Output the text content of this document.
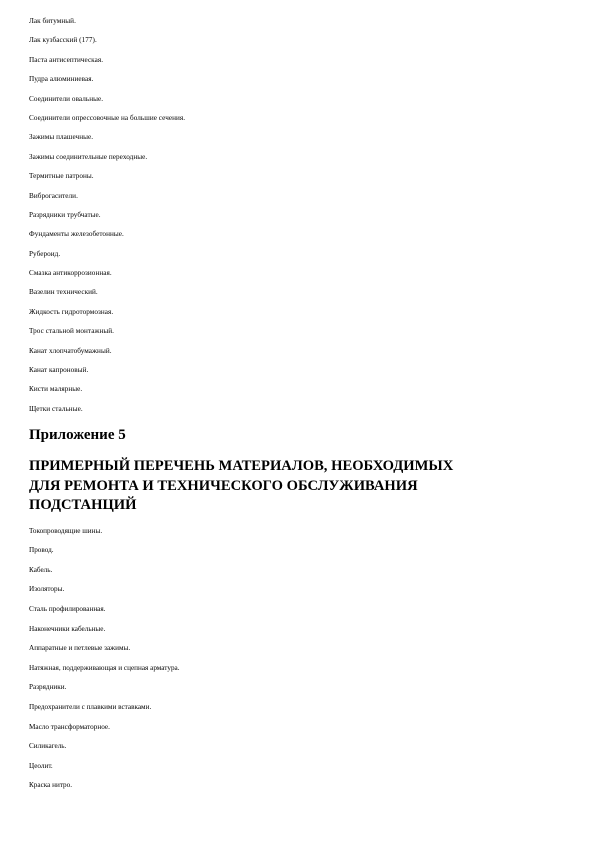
Лак битумный.
Лак кузбасский (177).
Паста антисептическая.
Пудра алюминиевая.
Соединители овальные.
Соединители опрессовочные на большие сечения.
Зажимы плашечные.
Зажимы соединительные переходные.
Термитные патроны.
Виброгасители.
Разрядники трубчатые.
Фундаменты железобетонные.
Рубероид.
Смазка антикоррозионная.
Вазелин технический.
Жидкость гидротормозная.
Трос стальной монтажный.
Канат хлопчатобумажный.
Канат капроновый.
Кисти малярные.
Щетки стальные.
Приложение 5
ПРИМЕРНЫЙ ПЕРЕЧЕНЬ МАТЕРИАЛОВ, НЕОБХОДИМЫХ
ДЛЯ РЕМОНТА И ТЕХНИЧЕСКОГО ОБСЛУЖИВАНИЯ
ПОДСТАНЦИЙ
Токопроводящие шины.
Провод.
Кабель.
Изоляторы.
Сталь профилированная.
Наконечники кабельные.
Аппаратные и петлевые зажимы.
Натяжная, поддерживающая и сцепная арматура.
Разрядники.
Предохранители с плавкими вставками.
Масло трансформаторное.
Силикагель.
Цеолит.
Краска нитро.
